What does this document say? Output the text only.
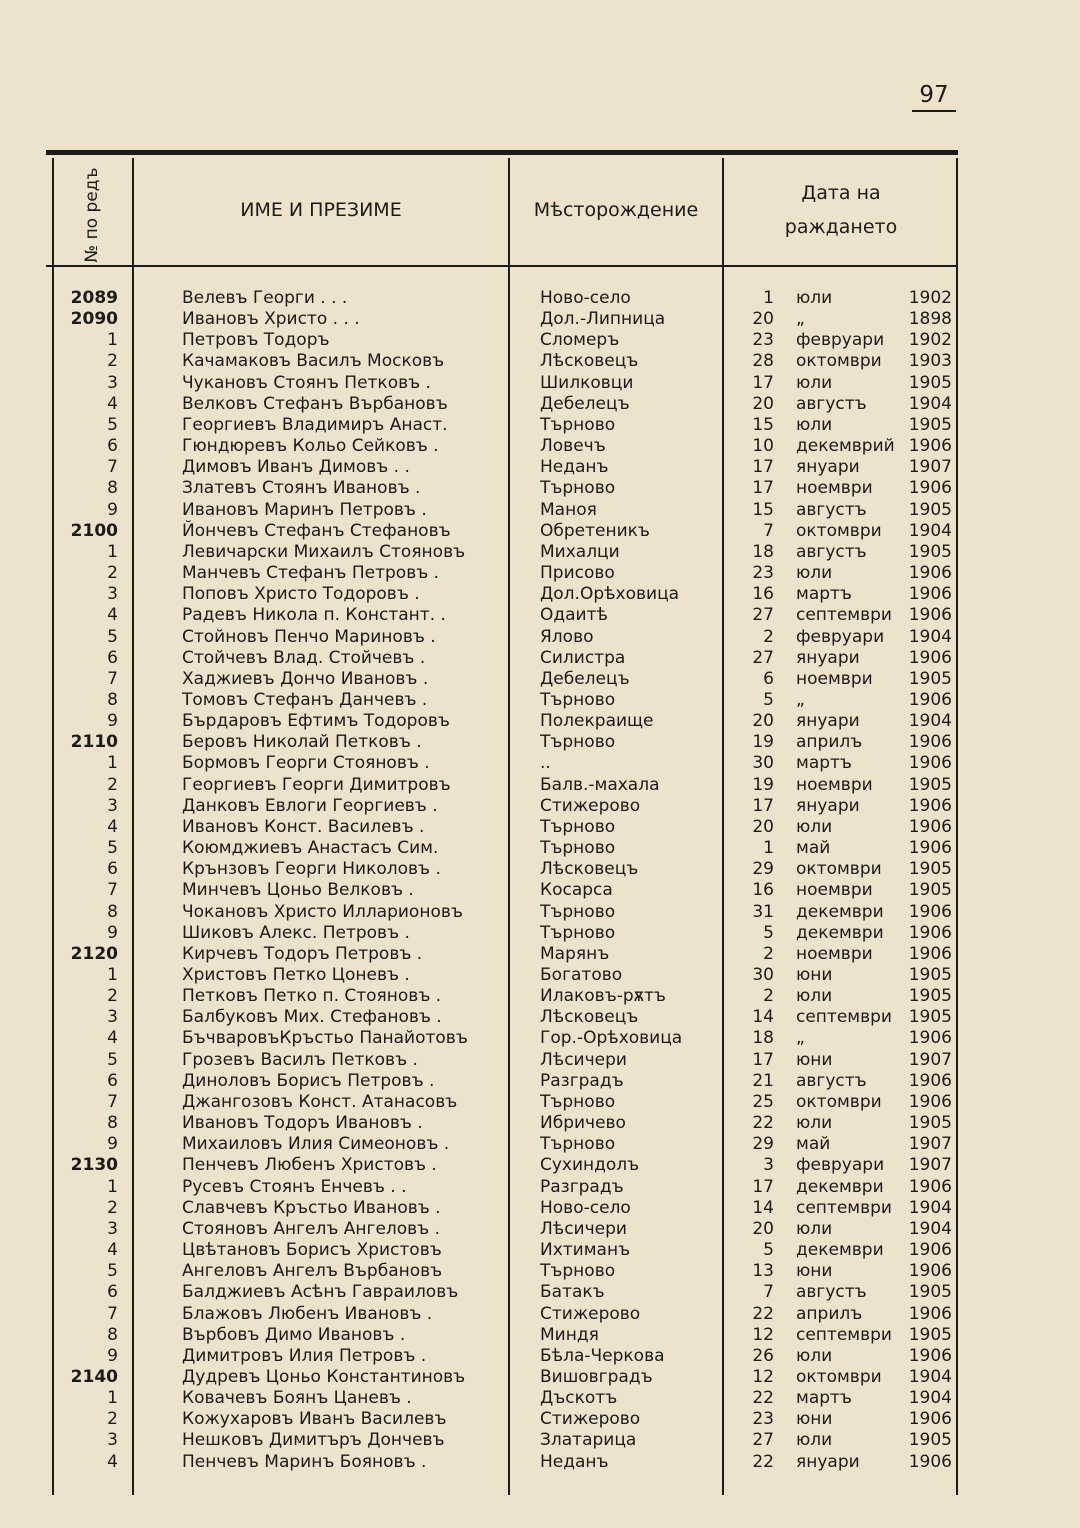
97
№ по редъ	ИМЕ И ПРЕЗИМЕ	Мѣсторождение
Дата на раждането
2089	Велевъ Георги . . .	Ново-село	1 юли	1902
2090	Ивановъ Христо . . .	Дол.-Липница	20 „	1898
1	Петровъ Тодоръ	Сломеръ	23 февруари	1902
2	Качамаковъ Василъ Московъ	Лѣсковецъ	28 октомври	1903
3	Чукановъ Стоянъ Петковъ .	Шилковци	17 юли	1905
4	Велковъ Стефанъ Върбановъ	Дебелецъ	20 августъ	1904
5	Георгиевъ Владимиръ Анаст.	Търново	15 юли	1905
6	Гюндюревъ Кольо Сейковъ .	Ловечъ	10 декемврий 1906
7	Димовъ Иванъ Димовъ . .	Неданъ	17 януари	1907
8	Златевъ Стоянъ Ивановъ .	Търново	17 ноември	1906
9	Ивановъ Маринъ Петровъ .	Маноя	15 августъ	1905
2100	Йончевъ Стефанъ Стефановъ	Обретеникъ	7 октомври	1904
1	Левичарски Михаилъ Стояновъ	Михалци	18 августъ	1905
2	Манчевъ Стефанъ Петровъ .	Присово	23 юли	1906
3	Поповъ Христо Тодоровъ .	Дол.Орѣховица	16 мартъ	1906
4	Радевъ Никола п. Констант. .	Одаитѣ	27 септември 1906
5	Стойновъ Пенчо Мариновъ .	Ялово	2 февруари	1904
6	Стойчевъ Влад. Стойчевъ .	Силистра	27 януари	1906
7	Хаджиевъ Дончо Ивановъ .	Дебелецъ	6 ноември	1905
8	Томовъ Стефанъ Данчевъ .	Търново	5 „	1906
9	Бърдаровъ Ефтимъ Тодоровъ	Полекраище	20 януари	1904
2110	Беровъ Николай Петковъ .	Търново	19 априлъ	1906
1	Бормовъ Георги Стояновъ .	..	30 мартъ	1906
2	Георгиевъ Георги Димитровъ	Балв.-махала	19 ноември	1905
3	Данковъ Евлоги Георгиевъ .	Стижерово	17 януари	1906
4	Ивановъ Конст. Василевъ .	Търново	20 юли	1906
5	Коюмджиевъ Анастасъ Сим.	Търново	1 май	1906
6	Крънзовъ Георги Николовъ .	Лѣсковецъ	29 октомври	1905
7	Минчевъ Цоньо Велковъ .	Косарса	16 ноември	1905
8	Чокановъ Христо Илларионовъ	Търново	31 декември	1906
9	Шиковъ Алекс. Петровъ .	Търново	5 декември	1906
2120	Кирчевъ Тодоръ Петровъ .	Марянъ	2 ноември	1906
1	Христовъ Петко Цоневъ .	Богатово	30 юни	1905
2	Петковъ Петко п. Стояновъ .	Илаковъ-рѫтъ	2 юли	1905
3	Балбуковъ Мих. Стефановъ .	Лѣсковецъ	14 септември 1905
4	БъчваровъКръстьо Панайотовъ	Гор.-Орѣховица	18 „	1906
5	Грозевъ Василъ Петковъ .	Лѣсичери	17 юни	1907
6	Диноловъ Борисъ Петровъ .	Разградъ	21 августъ	1906
7	Джангозовъ Конст. Атанасовъ	Търново	25 октомври	1906
8	Ивановъ Тодоръ Ивановъ .	Ибричево	22 юли	1905
9	Михаиловъ Илия Симеоновъ .	Търново	29 май	1907
2130	Пенчевъ Любенъ Христовъ .	Сухиндолъ	3 февруари	1907
1	Русевъ Стоянъ Енчевъ . .	Разградъ	17 декември	1906
2	Славчевъ Кръстьо Ивановъ .	Ново-село	14 септември 1904
3	Стояновъ Ангелъ Ангеловъ .	Лѣсичери	20 юли	1904
4	Цвѣтановъ Борисъ Христовъ	Ихтиманъ	5 декември	1906
5	Ангеловъ Ангелъ Върбановъ	Търново	13 юни	1906
6	Балджиевъ Асѣнъ Гавраиловъ	Батакъ	7 августъ	1905
7	Блажовъ Любенъ Ивановъ .	Стижерово	22 априлъ	1906
8	Върбовъ Димо Ивановъ .	Миндя	12 септември 1905
9	Димитровъ Илия Петровъ .	Бѣла-Черкова	26 юли	1906
2140	Дудревъ Цоньо Константиновъ	Вишовградъ	12 октомври	1904
1	Ковачевъ Боянъ Цаневъ .	Дъскотъ	22 мартъ	1904
2	Кожухаровъ Иванъ Василевъ	Стижерово	23 юни	1906
3	Нешковъ Димитъръ Дончевъ	Златарица	27 юли	1905
4	Пенчевъ Маринъ Бояновъ .	Неданъ	22 януари	1906
